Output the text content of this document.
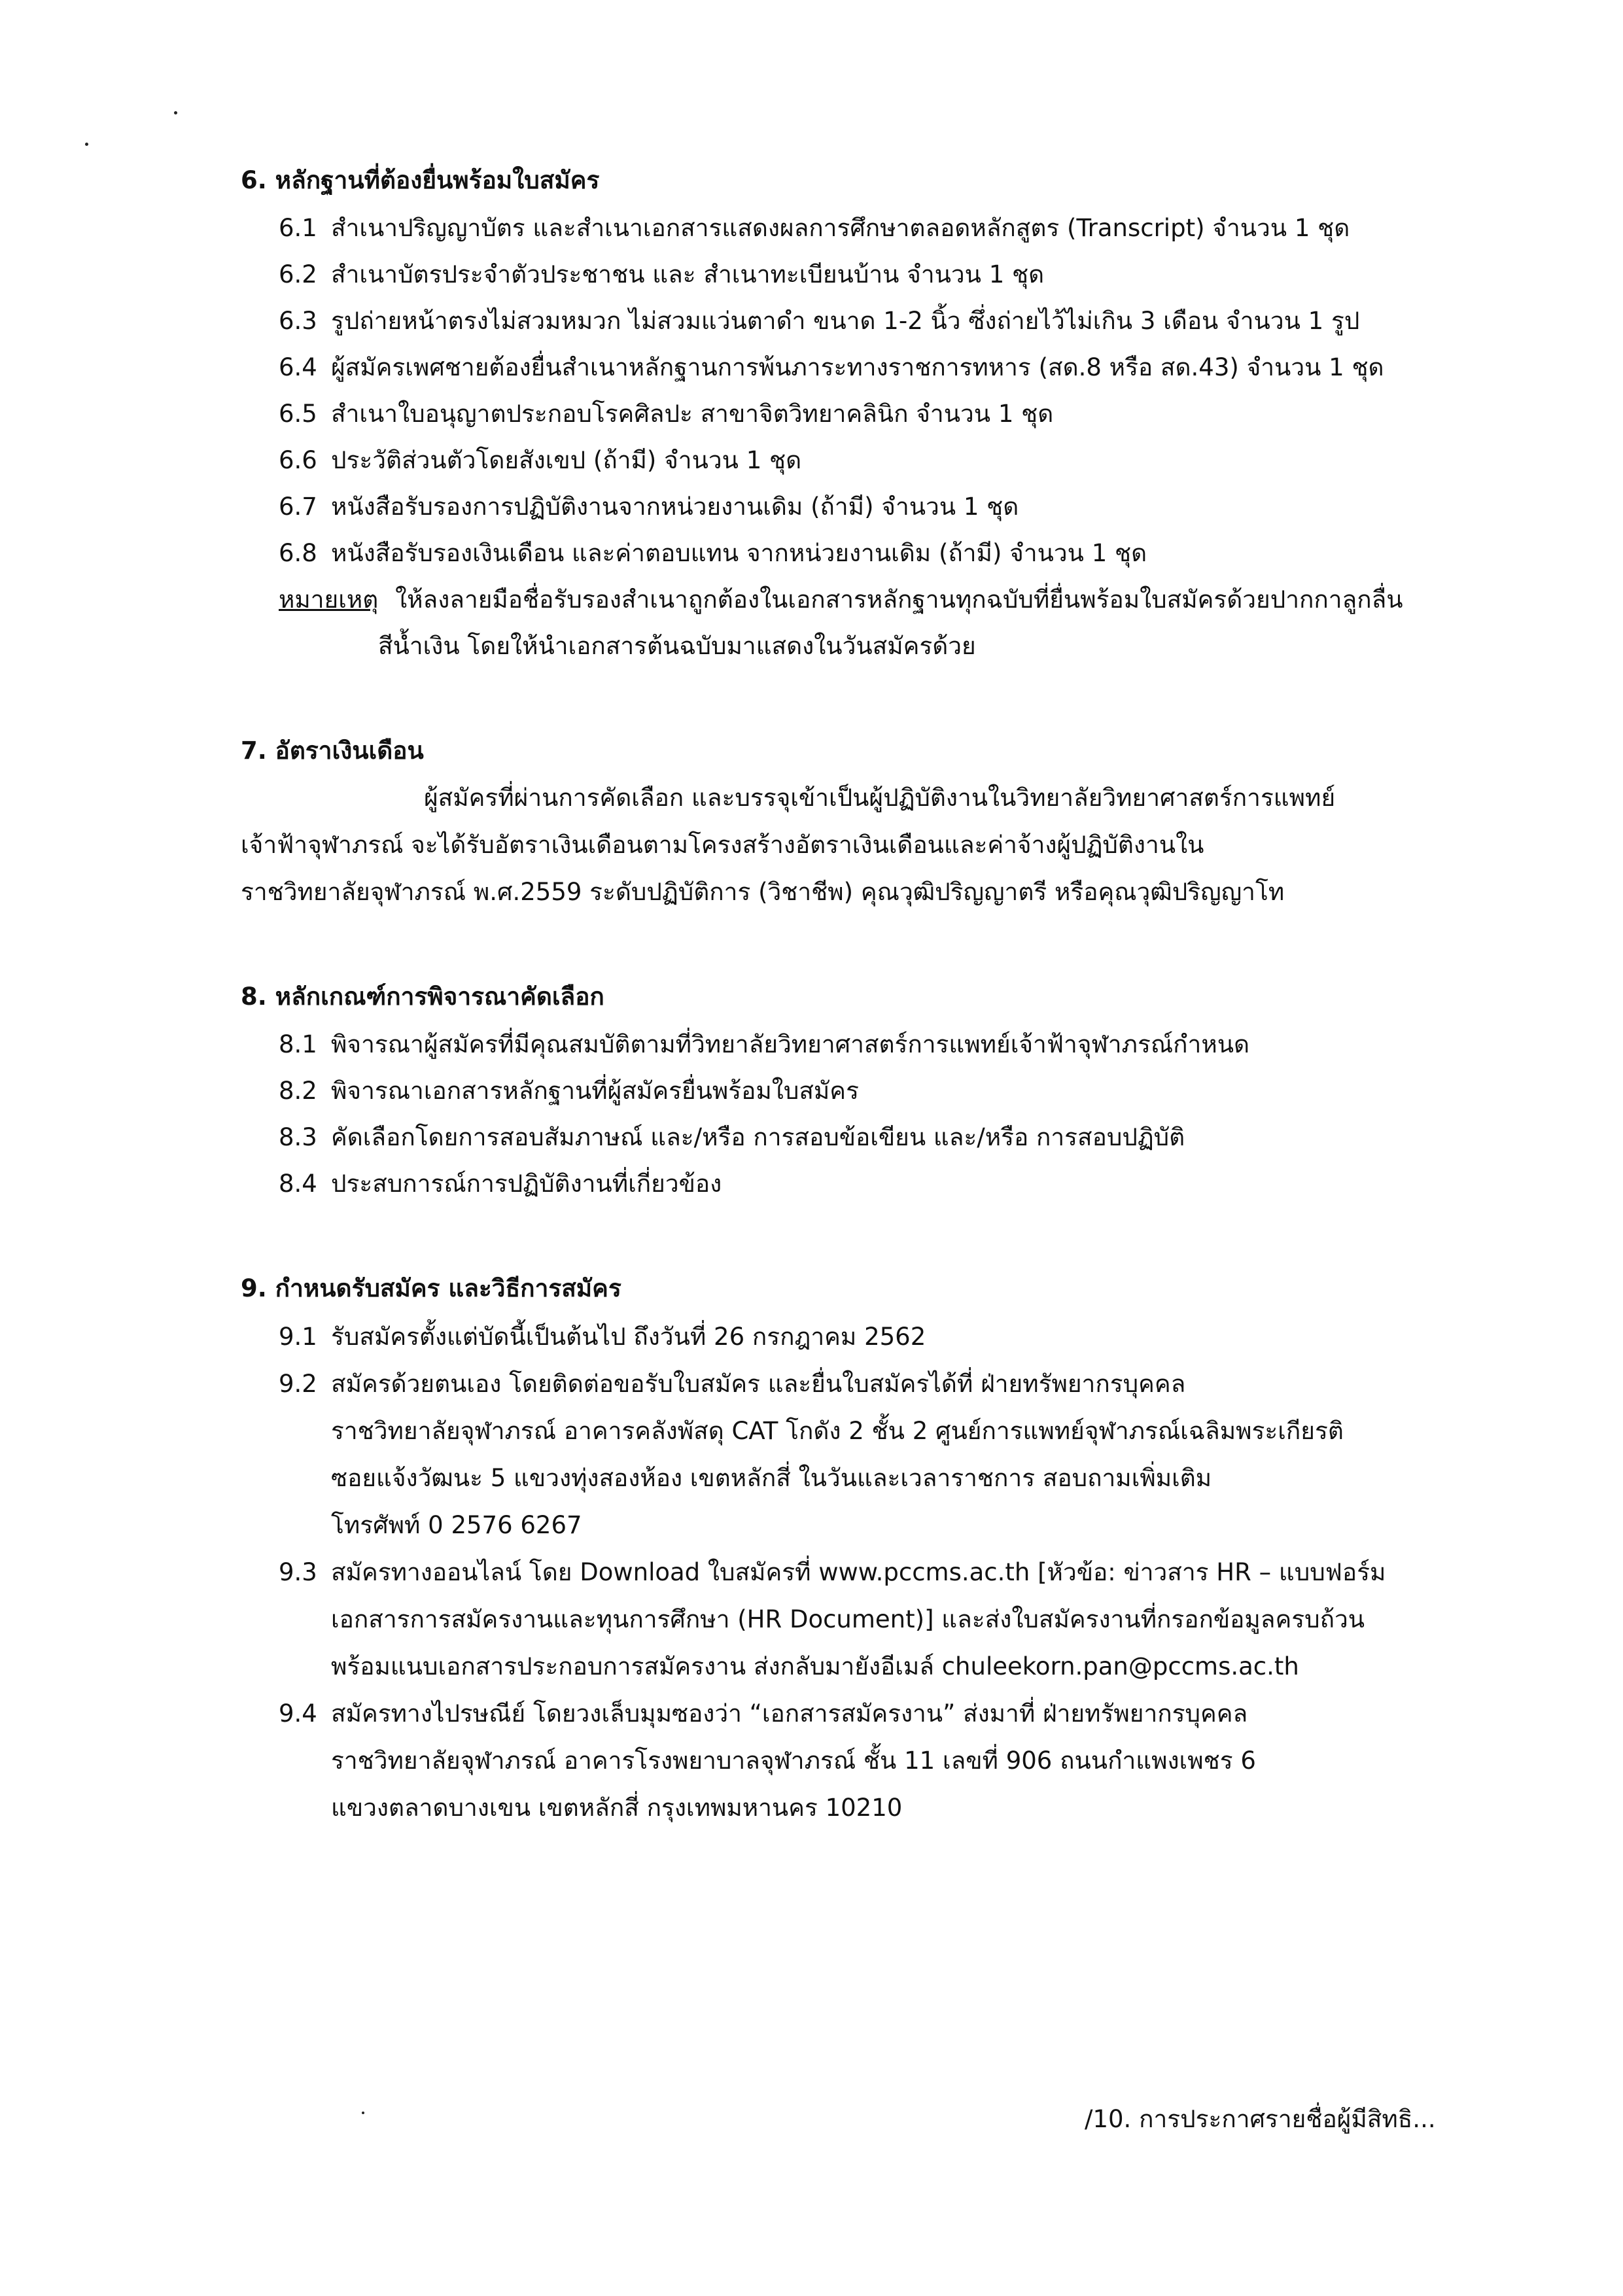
6. หลักฐานที่ต้องยื่นพร้อมใบสมัคร
6.1 สำเนาปริญญาบัตร และสำเนาเอกสารแสดงผลการศึกษาตลอดหลักสูตร (Transcript) จำนวน 1 ชุด
6.2 สำเนาบัตรประจำตัวประชาชน และ สำเนาทะเบียนบ้าน จำนวน 1 ชุด
6.3 รูปถ่ายหน้าตรงไม่สวมหมวก ไม่สวมแว่นตาดำ ขนาด 1-2 นิ้ว ซึ่งถ่ายไว้ไม่เกิน 3 เดือน จำนวน 1 รูป
6.4 ผู้สมัครเพศชายต้องยื่นสำเนาหลักฐานการพ้นภาระทางราชการทหาร (สด.8 หรือ สด.43) จำนวน 1 ชุด
6.5 สำเนาใบอนุญาตประกอบโรคศิลปะ สาขาจิตวิทยาคลินิก จำนวน 1 ชุด
6.6 ประวัติส่วนตัวโดยสังเขป (ถ้ามี) จำนวน 1 ชุด
6.7 หนังสือรับรองการปฏิบัติงานจากหน่วยงานเดิม (ถ้ามี) จำนวน 1 ชุด
6.8 หนังสือรับรองเงินเดือน และค่าตอบแทน จากหน่วยงานเดิม (ถ้ามี) จำนวน 1 ชุด
หมายเหตุ ให้ลงลายมือชื่อรับรองสำเนาถูกต้องในเอกสารหลักฐานทุกฉบับที่ยื่นพร้อมใบสมัครด้วยปากกาลูกลื่น
สีน้ำเงิน โดยให้นำเอกสารต้นฉบับมาแสดงในวันสมัครด้วย
7. อัตราเงินเดือน
ผู้สมัครที่ผ่านการคัดเลือก และบรรจุเข้าเป็นผู้ปฏิบัติงานในวิทยาลัยวิทยาศาสตร์การแพทย์
เจ้าฟ้าจุฬาภรณ์ จะได้รับอัตราเงินเดือนตามโครงสร้างอัตราเงินเดือนและค่าจ้างผู้ปฏิบัติงานใน
ราชวิทยาลัยจุฬาภรณ์ พ.ศ.2559 ระดับปฏิบัติการ (วิชาชีพ) คุณวุฒิปริญญาตรี หรือคุณวุฒิปริญญาโท
8. หลักเกณฑ์การพิจารณาคัดเลือก
8.1 พิจารณาผู้สมัครที่มีคุณสมบัติตามที่วิทยาลัยวิทยาศาสตร์การแพทย์เจ้าฟ้าจุฬาภรณ์กำหนด
8.2 พิจารณาเอกสารหลักฐานที่ผู้สมัครยื่นพร้อมใบสมัคร
8.3 คัดเลือกโดยการสอบสัมภาษณ์ และ/หรือ การสอบข้อเขียน และ/หรือ การสอบปฏิบัติ
8.4 ประสบการณ์การปฏิบัติงานที่เกี่ยวข้อง
9. กำหนดรับสมัคร และวิธีการสมัคร
9.1 รับสมัครตั้งแต่บัดนี้เป็นต้นไป ถึงวันที่ 26 กรกฎาคม 2562
9.2 สมัครด้วยตนเอง โดยติดต่อขอรับใบสมัคร และยื่นใบสมัครได้ที่ ฝ่ายทรัพยากรบุคคล
ราชวิทยาลัยจุฬาภรณ์ อาคารคลังพัสดุ CAT โกดัง 2 ชั้น 2 ศูนย์การแพทย์จุฬาภรณ์เฉลิมพระเกียรติ
ซอยแจ้งวัฒนะ 5 แขวงทุ่งสองห้อง เขตหลักสี่ ในวันและเวลาราชการ สอบถามเพิ่มเติม
โทรศัพท์ 0 2576 6267
9.3 สมัครทางออนไลน์ โดย Download ใบสมัครที่ www.pccms.ac.th [หัวข้อ: ข่าวสาร HR – แบบฟอร์ม
เอกสารการสมัครงานและทุนการศึกษา (HR Document)] และส่งใบสมัครงานที่กรอกข้อมูลครบถ้วน
พร้อมแนบเอกสารประกอบการสมัครงาน ส่งกลับมายังอีเมล์ chuleekorn.pan@pccms.ac.th
9.4 สมัครทางไปรษณีย์ โดยวงเล็บมุมซองว่า “เอกสารสมัครงาน” ส่งมาที่ ฝ่ายทรัพยากรบุคคล
ราชวิทยาลัยจุฬาภรณ์ อาคารโรงพยาบาลจุฬาภรณ์ ชั้น 11 เลขที่ 906 ถนนกำแพงเพชร 6
แขวงตลาดบางเขน เขตหลักสี่ กรุงเทพมหานคร 10210
/10. การประกาศรายชื่อผู้มีสิทธิ...
